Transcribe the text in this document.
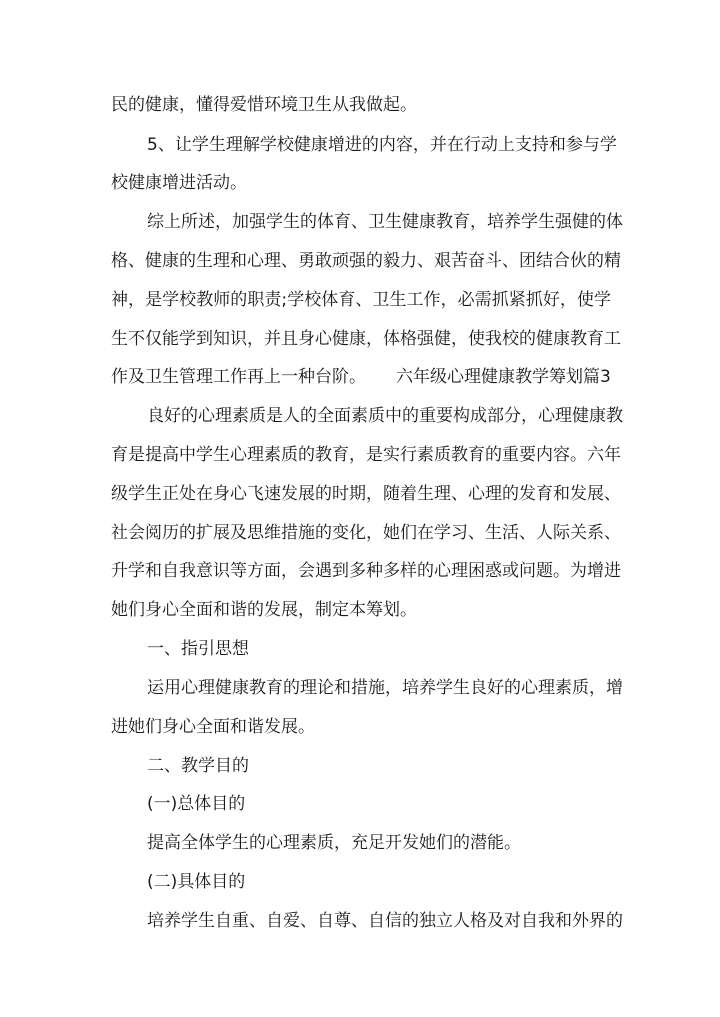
民的健康，懂得爱惜环境卫生从我做起。
5、让学生理解学校健康增进的内容，并在行动上支持和参与学
校健康增进活动。
综上所述，加强学生的体育、卫生健康教育，培养学生强健的体
格、健康的生理和心理、勇敢顽强的毅力、艰苦奋斗、团结合伙的精
神，是学校教师的职责;学校体育、卫生工作，必需抓紧抓好，使学
生不仅能学到知识，并且身心健康，体格强健，使我校的健康教育工
作及卫生管理工作再上一种台阶。 六年级心理健康教学筹划篇3
良好的心理素质是人的全面素质中的重要构成部分，心理健康教
育是提高中学生心理素质的教育，是实行素质教育的重要内容。六年
级学生正处在身心飞速发展的时期，随着生理、心理的发育和发展、
社会阅历的扩展及思维措施的变化，她们在学习、生活、人际关系、
升学和自我意识等方面，会遇到多种多样的心理困惑或问题。为增进
她们身心全面和谐的发展，制定本筹划。
一、指引思想
运用心理健康教育的理论和措施，培养学生良好的心理素质，增
进她们身心全面和谐发展。
二、教学目的
(一)总体目的
提高全体学生的心理素质，充足开发她们的潜能。
(二)具体目的
培养学生自重、自爱、自尊、自信的独立人格及对自我和外界的
